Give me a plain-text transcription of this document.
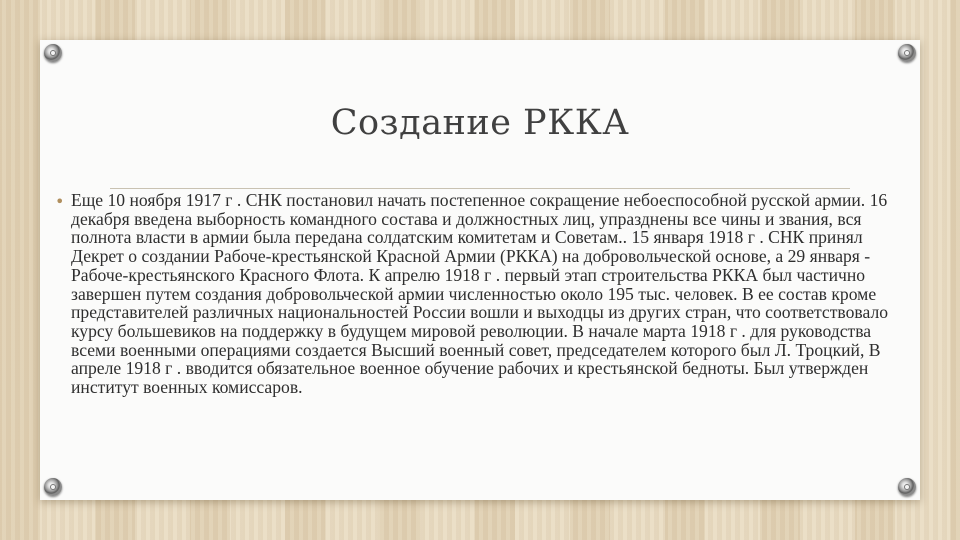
Создание РККА
• Еще 10 ноября 1917 г . СНК постановил начать постепенное сокращение небоеспособной русской армии. 16 декабря введена выборность командного состава и должностных лиц, упразднены все чины и звания, вся полнота власти в армии была передана солдатским комитетам и Советам.. 15 января 1918 г . СНК принял Декрет о создании Рабоче-крестьянской Красной Армии (РККА) на добровольческой основе, а 29 января - Рабоче-крестьянского Красного Флота. К апрелю 1918 г . первый этап строительства РККА был частично завершен путем создания добровольческой армии численностью около 195 тыс. человек. В ее состав кроме представителей различных национальностей России вошли и выходцы из других стран, что соответствовало курсу большевиков на поддержку в будущем мировой революции. В начале марта 1918 г . для руководства всеми военными операциями создается Высший военный совет, председателем которого был Л. Троцкий, В апреле 1918 г . вводится обязательное военное обучение рабочих и крестьянской бедноты. Был утвержден институт военных комиссаров.
